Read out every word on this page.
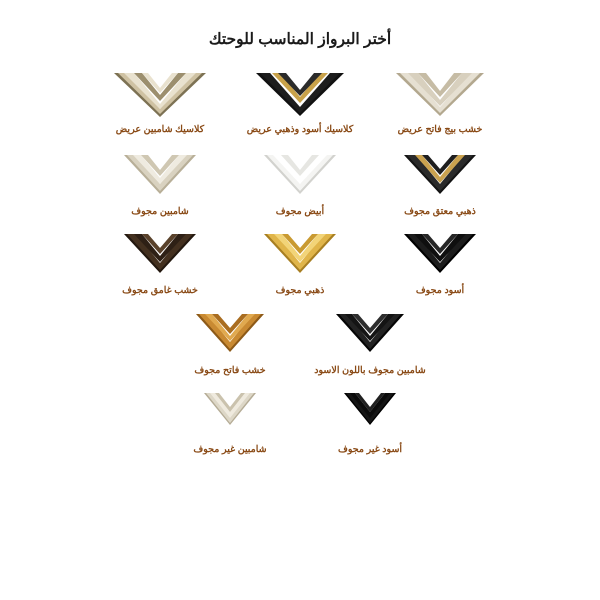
أختر البرواز المناسب للوحتك
كلاسيك شامبين عريض	كلاسيك أسود وذهبي عريض	خشب بيج فاتح عريض
شامبين مجوف	أبيض مجوف	ذهبي معتق مجوف
خشب غامق مجوف	ذهبي مجوف	أسود مجوف
خشب فاتح مجوف	شامبين مجوف باللون الاسود
شامبين غير مجوف	أسود غير مجوف
